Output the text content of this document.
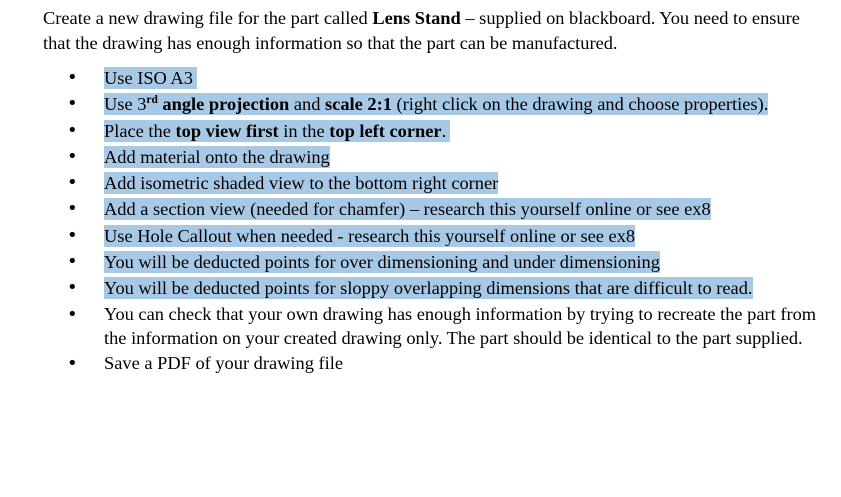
Create a new drawing file for the part called Lens Stand – supplied on blackboard. You need to ensure that the drawing has enough information so that the part can be manufactured.

• Use ISO A3
• Use 3rd angle projection and scale 2:1 (right click on the drawing and choose properties).
• Place the top view first in the top left corner.
• Add material onto the drawing
• Add isometric shaded view to the bottom right corner
• Add a section view (needed for chamfer) – research this yourself online or see ex8
• Use Hole Callout when needed - research this yourself online or see ex8
• You will be deducted points for over dimensioning and under dimensioning
• You will be deducted points for sloppy overlapping dimensions that are difficult to read.
• You can check that your own drawing has enough information by trying to recreate the part from the information on your created drawing only. The part should be identical to the part supplied.
• Save a PDF of your drawing file
